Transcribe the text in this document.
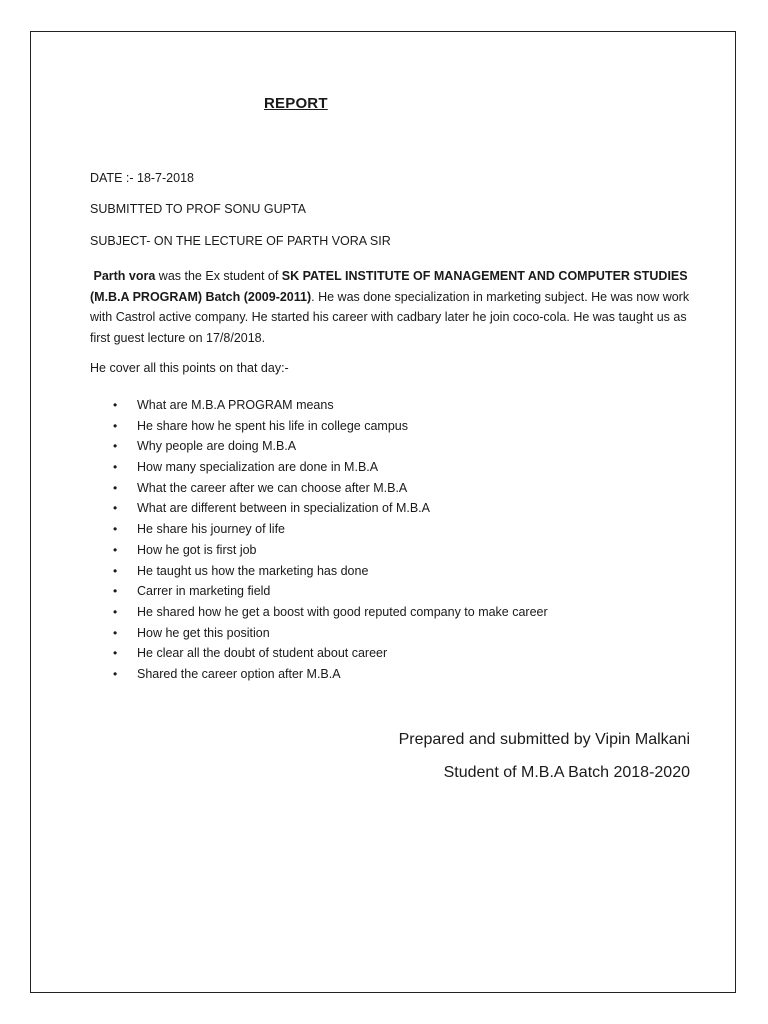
REPORT
DATE :- 18-7-2018
SUBMITTED TO PROF SONU GUPTA
SUBJECT- ON THE LECTURE OF PARTH VORA SIR
Parth vora was the Ex student of SK PATEL INSTITUTE OF MANAGEMENT AND COMPUTER STUDIES (M.B.A PROGRAM) Batch (2009-2011). He was done specialization in marketing subject. He was now work with Castrol active company. He started his career with cadbary later he join coco-cola. He was taught us as first guest lecture on 17/8/2018.
He cover all this points on that day:-
• What are M.B.A PROGRAM means
• He share how he spent his life in college campus
• Why people are doing M.B.A
• How many specialization are done in M.B.A
• What the career after we can choose after M.B.A
• What are different between in specialization of M.B.A
• He share his journey of life
• How he got is first job
• He taught us how the marketing has done
• Carrer in marketing field
• He shared how he get a boost with good reputed company to make career
• How he get this position
• He clear all the doubt of student about career
• Shared the career option after M.B.A
Prepared and submitted by Vipin Malkani
Student of M.B.A Batch 2018-2020
